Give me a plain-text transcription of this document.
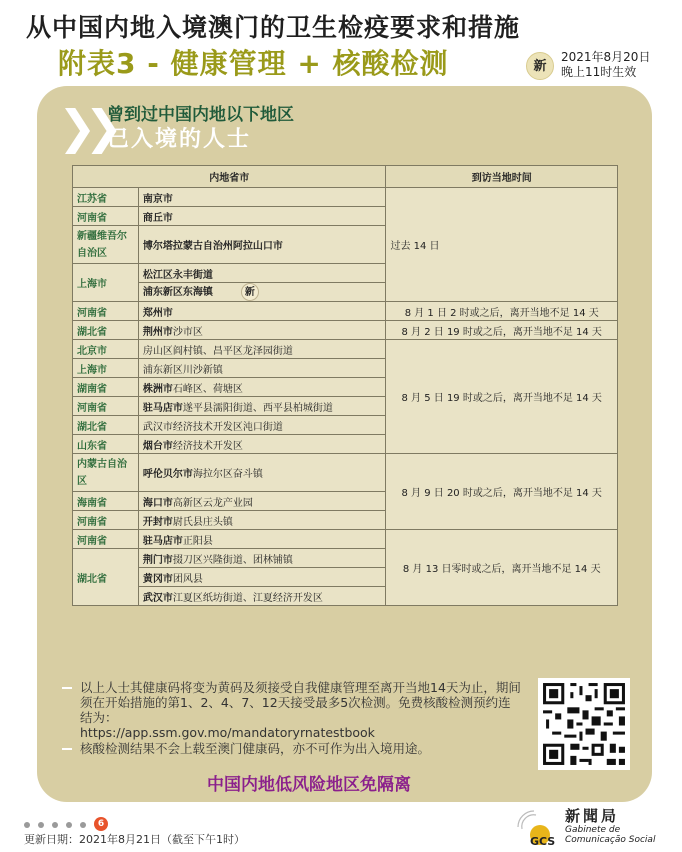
从中国内地入境澳门的卫生检疫要求和措施
附表3 - 健康管理 + 核酸检测	新
2021年8月20日
晚上11时生效
❯❯
曾到过中国内地以下地区
已入境的人士
内地省市		到访当地时间
江苏省	南京市	过去 14 日
河南省	商丘市	
新疆维吾尔自治区	博尔塔拉蒙古自治州阿拉山口市	
上海市	松江区永丰街道	
	浦东新区东海镇 新	
河南省	郑州市	8 月 1 日 2 时或之后，离开当地不足 14 天
湖北省	荆州市沙市区	8 月 2 日 19 时或之后，离开当地不足 14 天
北京市	房山区阎村镇、昌平区龙泽园街道	8 月 5 日 19 时或之后，离开当地不足 14 天
上海市	浦东新区川沙新镇	
湖南省	株洲市石峰区、荷塘区	
河南省	驻马店市遂平县濡阳街道、西平县柏城街道	
湖北省	武汉市经济技术开发区沌口街道	
山东省	烟台市经济技术开发区	
内蒙古自治区	呼伦贝尔市海拉尔区奋斗镇	8 月 9 日 20 时或之后，离开当地不足 14 天
海南省	海口市高新区云龙产业园	
河南省	开封市尉氏县庄头镇	
河南省	驻马店市正阳县	8 月 13 日零时或之后，离开当地不足 14 天
湖北省	荆门市掇刀区兴隆街道、团林铺镇	
	黄冈市团风县	
	武汉市江夏区纸坊街道、江夏经济开发区	
以上人士其健康码将变为黄码及须接受自我健康管理至离开当地14天为止，期间须在开始措施的第1、2、4、7、12天接受最多5次检测。免费核酸检测预约连结为：
https://app.ssm.gov.mo/mandatoryrnatestbook
核酸检测结果不会上载至澳门健康码，亦不可作为出入境用途。
中国内地低风险地区免隔离
6
更新日期：2021年8月21日（截至下午1时）	GCS
新聞局
Gabinete de
Comunicação Social
